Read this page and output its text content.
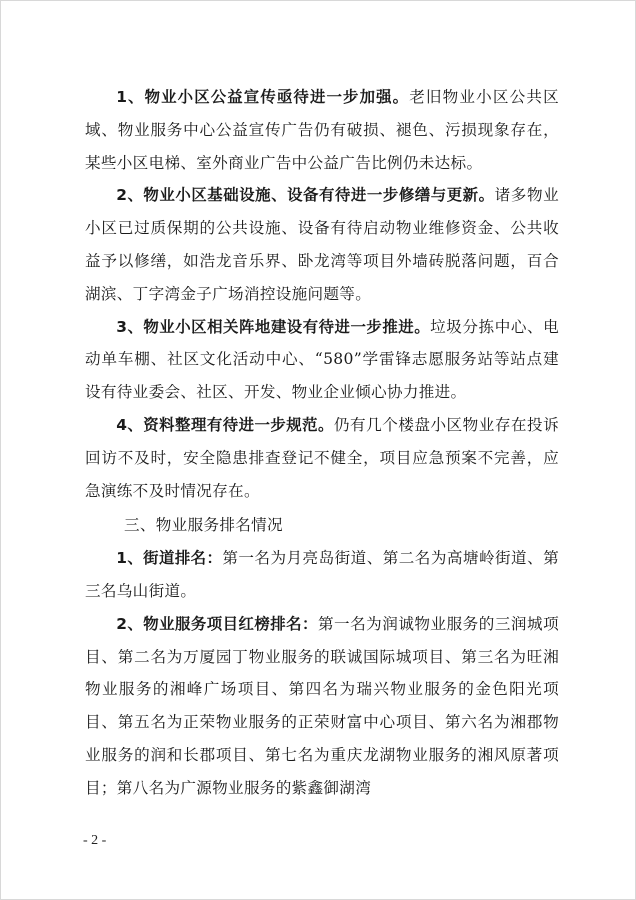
1、物业小区公益宣传亟待进一步加强。老旧物业小区公共区域、物业服务中心公益宣传广告仍有破损、褪色、污损现象存在，某些小区电梯、室外商业广告中公益广告比例仍未达标。

2、物业小区基础设施、设备有待进一步修缮与更新。诸多物业小区已过质保期的公共设施、设备有待启动物业维修资金、公共收益予以修缮，如浩龙音乐界、卧龙湾等项目外墙砖脱落问题，百合湖滨、丁字湾金子广场消控设施问题等。

3、物业小区相关阵地建设有待进一步推进。垃圾分拣中心、电动单车棚、社区文化活动中心、“580”学雷锋志愿服务站等站点建设有待业委会、社区、开发、物业企业倾心协力推进。

4、资料整理有待进一步规范。仍有几个楼盘小区物业存在投诉回访不及时，安全隐患排查登记不健全，项目应急预案不完善，应急演练不及时情况存在。

三、物业服务排名情况

1、街道排名：第一名为月亮岛街道、第二名为高塘岭街道、第三名乌山街道。

2、物业服务项目红榜排名：第一名为润诚物业服务的三润城项目、第二名为万厦园丁物业服务的联诚国际城项目、第三名为旺湘物业服务的湘峰广场项目、第四名为瑞兴物业服务的金色阳光项目、第五名为正荣物业服务的正荣财富中心项目、第六名为湘郡物业服务的润和长郡项目、第七名为重庆龙湖物业服务的湘风原著项目；第八名为广源物业服务的紫鑫御湖湾

- 2 -
